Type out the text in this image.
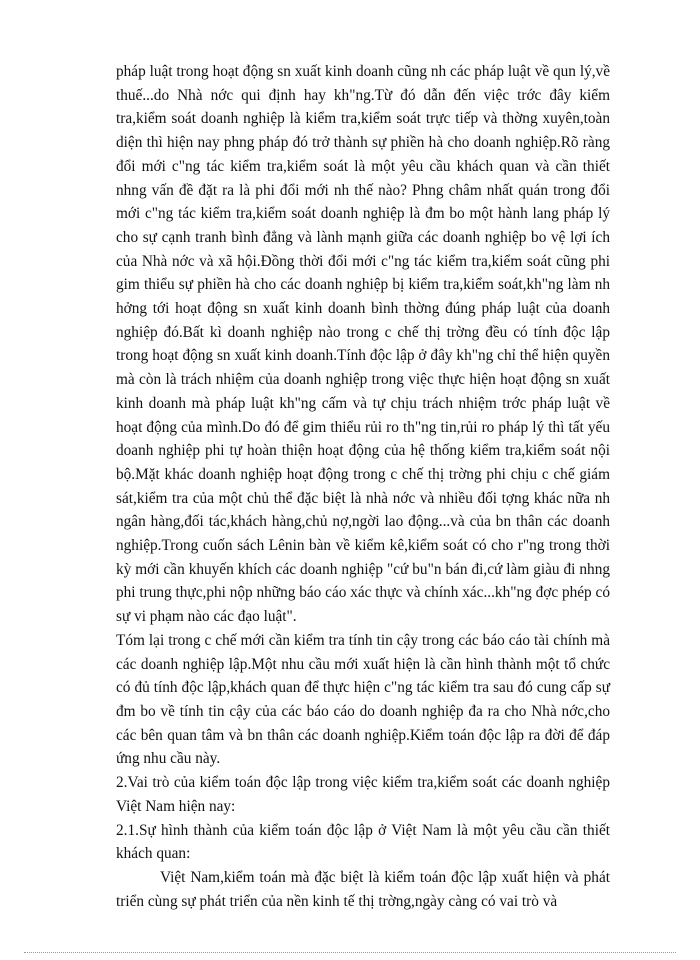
pháp luật trong hoạt động sn xuất kinh doanh cũng nh các pháp luật về qun lý,về thuế...do Nhà nớc qui định hay kh"ng.Từ đó dẫn đến việc trớc đây kiểm tra,kiểm soát doanh nghiệp là kiểm tra,kiểm soát trực tiếp và thờng xuyên,toàn diện thì hiện nay phng pháp đó trở thành sự phiền hà cho doanh nghiệp.Rõ ràng đổi mới c"ng tác kiểm tra,kiểm soát là một yêu cầu khách quan và cần thiết nhng vấn đề đặt ra là phi đổi mới nh thế nào? Phng châm nhất quán trong đổi mới c"ng tác kiểm tra,kiểm soát doanh nghiệp là đm bo một hành lang pháp lý cho sự cạnh tranh bình đẳng và lành mạnh giữa các doanh nghiệp bo vệ lợi ích của Nhà nớc và xã hội.Đồng thời đổi mới c"ng tác kiểm tra,kiểm soát cũng phi gim thiểu sự phiền hà cho các doanh nghiệp bị kiểm tra,kiểm soát,kh"ng làm nh hởng tới hoạt động sn xuất kinh doanh bình thờng đúng pháp luật của doanh nghiệp đó.Bất kì doanh nghiệp nào trong c chế thị trờng đều có tính độc lập trong hoạt động sn xuất kinh doanh.Tính độc lập ở đây kh"ng chỉ thể hiện quyền mà còn là trách nhiệm của doanh nghiệp trong việc thực hiện hoạt động sn xuất kinh doanh mà pháp luật kh"ng cấm và tự chịu trách nhiệm trớc pháp luật về hoạt động của mình.Do đó để gim thiểu rủi ro th"ng tin,rủi ro pháp lý thì tất yếu doanh nghiệp phi tự hoàn thiện hoạt động của hệ thống kiểm tra,kiểm soát nội bộ.Mặt khác doanh nghiệp hoạt động trong c chế thị trờng phi chịu c chế giám sát,kiểm tra của một chủ thể đặc biệt là nhà nớc và nhiều đối tợng khác nữa nh ngân hàng,đối tác,khách hàng,chủ nợ,ngời lao động...và của bn thân các doanh nghiệp.Trong cuốn sách Lênin bàn về kiểm kê,kiểm soát có cho r"ng trong thời kỳ mới cần khuyến khích các doanh nghiệp "cứ bu"n bán đi,cứ làm giàu đi nhng phi trung thực,phi nộp những báo cáo xác thực và chính xác...kh"ng đợc phép có sự vi phạm nào các đạo luật".

Tóm lại trong c chế mới cần kiểm tra tính tin cậy trong các báo cáo tài chính mà các doanh nghiệp lập.Một nhu cầu mới xuất hiện là cần hình thành một tổ chức có đủ tính độc lập,khách quan để thực hiện c"ng tác kiểm tra sau đó cung cấp sự đm bo về tính tin cậy của các báo cáo do doanh nghiệp đa ra cho Nhà nớc,cho các bên quan tâm và bn thân các doanh nghiệp.Kiểm toán độc lập ra đời để đáp ứng nhu cầu này.

2.Vai trò của kiểm toán độc lập trong việc kiểm tra,kiểm soát các doanh nghiệp Việt Nam hiện nay:

2.1.Sự hình thành của kiểm toán độc lập ở Việt Nam là một yêu cầu cần thiết khách quan:

Việt Nam,kiểm toán mà đặc biệt là kiểm toán độc lập xuất hiện và phát triển cùng sự phát triển của nền kinh tế thị trờng,ngày càng có vai trò và
